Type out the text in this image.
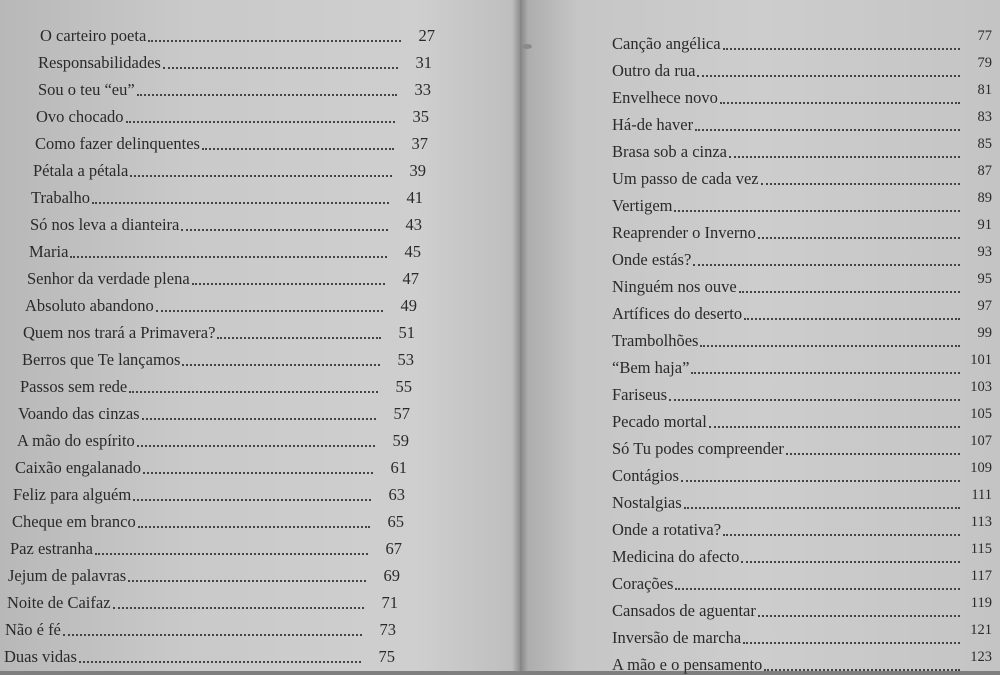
O carteiro poeta	27
Responsabilidades	31
Sou o teu “eu”	33
Ovo chocado	35
Como fazer delinquentes	37
Pétala a pétala	39
Trabalho	41
Só nos leva a dianteira	43
Maria	45
Senhor da verdade plena	47
Absoluto abandono	49
Quem nos trará a Primavera?	51
Berros que Te lançamos	53
Passos sem rede	55
Voando das cinzas	57
A mão do espírito	59
Caixão engalanado	61
Feliz para alguém	63
Cheque em branco	65
Paz estranha	67
Jejum de palavras	69
Noite de Caifaz	71
Não é fé	73
Duas vidas	75
Canção angélica	77
Outro da rua	79
Envelhece novo	81
Há-de haver	83
Brasa sob a cinza	85
Um passo de cada vez	87
Vertigem	89
Reaprender o Inverno	91
Onde estás?	93
Ninguém nos ouve	95
Artífices do deserto	97
Trambolhões	99
“Bem haja”	101
Fariseus	103
Pecado mortal	105
Só Tu podes compreender	107
Contágios	109
Nostalgias	111
Onde a rotativa?	113
Medicina do afecto	115
Corações	117
Cansados de aguentar	119
Inversão de marcha	121
A mão e o pensamento	123
